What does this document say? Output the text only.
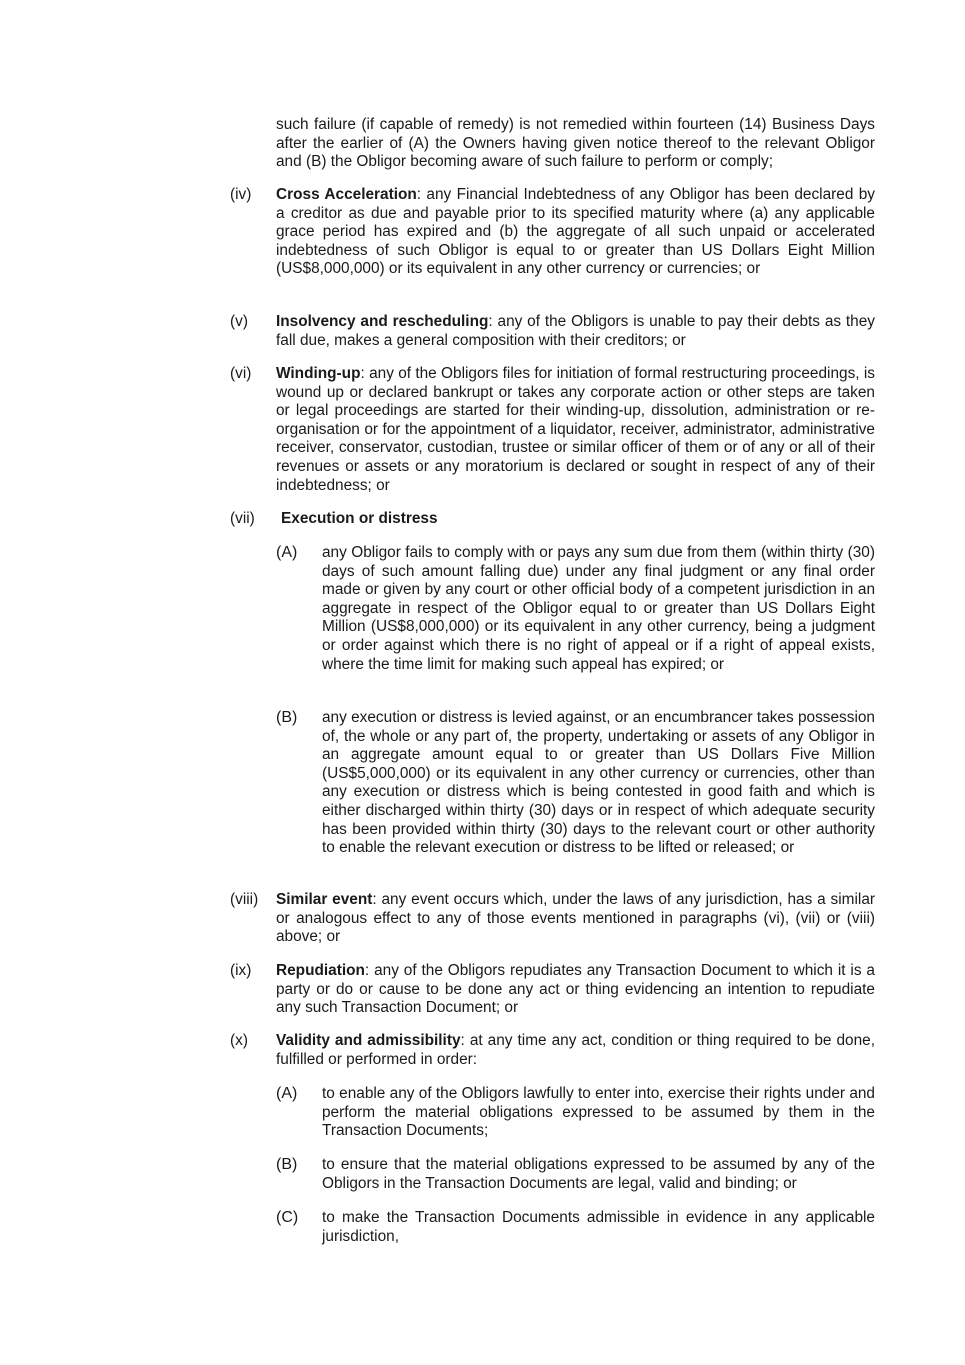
such failure (if capable of remedy) is not remedied within fourteen (14) Business Days after the earlier of (A) the Owners having given notice thereof to the relevant Obligor and (B) the Obligor becoming aware of such failure to perform or comply;

(iv) Cross Acceleration: any Financial Indebtedness of any Obligor has been declared by a creditor as due and payable prior to its specified maturity where (a) any applicable grace period has expired and (b) the aggregate of all such unpaid or accelerated indebtedness of such Obligor is equal to or greater than US Dollars Eight Million (US$8,000,000) or its equivalent in any other currency or currencies; or
(v) Insolvency and rescheduling: any of the Obligors is unable to pay their debts as they fall due, makes a general composition with their creditors; or
(vi) Winding-up: any of the Obligors files for initiation of formal restructuring proceedings, is wound up or declared bankrupt or takes any corporate action or other steps are taken or legal proceedings are started for their winding-up, dissolution, administration or re-organisation or for the appointment of a liquidator, receiver, administrator, administrative receiver, conservator, custodian, trustee or similar officer of them or of any or all of their revenues or assets or any moratorium is declared or sought in respect of any of their indebtedness; or
(vii) Execution or distress
(A) any Obligor fails to comply with or pays any sum due from them (within thirty (30) days of such amount falling due) under any final judgment or any final order made or given by any court or other official body of a competent jurisdiction in an aggregate in respect of the Obligor equal to or greater than US Dollars Eight Million (US$8,000,000) or its equivalent in any other currency, being a judgment or order against which there is no right of appeal or if a right of appeal exists, where the time limit for making such appeal has expired; or
(B) any execution or distress is levied against, or an encumbrancer takes possession of, the whole or any part of, the property, undertaking or assets of any Obligor in an aggregate amount equal to or greater than US Dollars Five Million (US$5,000,000) or its equivalent in any other currency or currencies, other than any execution or distress which is being contested in good faith and which is either discharged within thirty (30) days or in respect of which adequate security has been provided within thirty (30) days to the relevant court or other authority to enable the relevant execution or distress to be lifted or released; or
(viii) Similar event: any event occurs which, under the laws of any jurisdiction, has a similar or analogous effect to any of those events mentioned in paragraphs (vi), (vii) or (viii) above; or
(ix) Repudiation: any of the Obligors repudiates any Transaction Document to which it is a party or do or cause to be done any act or thing evidencing an intention to repudiate any such Transaction Document; or
(x) Validity and admissibility: at any time any act, condition or thing required to be done, fulfilled or performed in order:
(A) to enable any of the Obligors lawfully to enter into, exercise their rights under and perform the material obligations expressed to be assumed by them in the Transaction Documents;
(B) to ensure that the material obligations expressed to be assumed by any of the Obligors in the Transaction Documents are legal, valid and binding; or
(C) to make the Transaction Documents admissible in evidence in any applicable jurisdiction,
